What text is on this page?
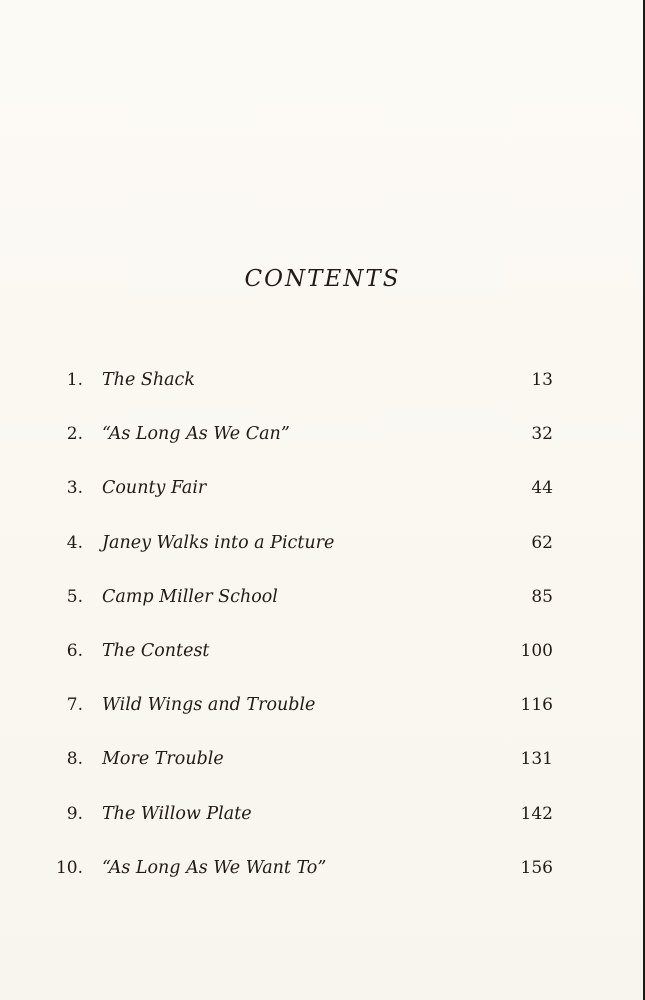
CONTENTS
1. The Shack	13
2. “As Long As We Can”	32
3. County Fair	44
4. Janey Walks into a Picture	62
5. Camp Miller School	85
6. The Contest	100
7. Wild Wings and Trouble	116
8. More Trouble	131
9. The Willow Plate	142
10. “As Long As We Want To”	156
